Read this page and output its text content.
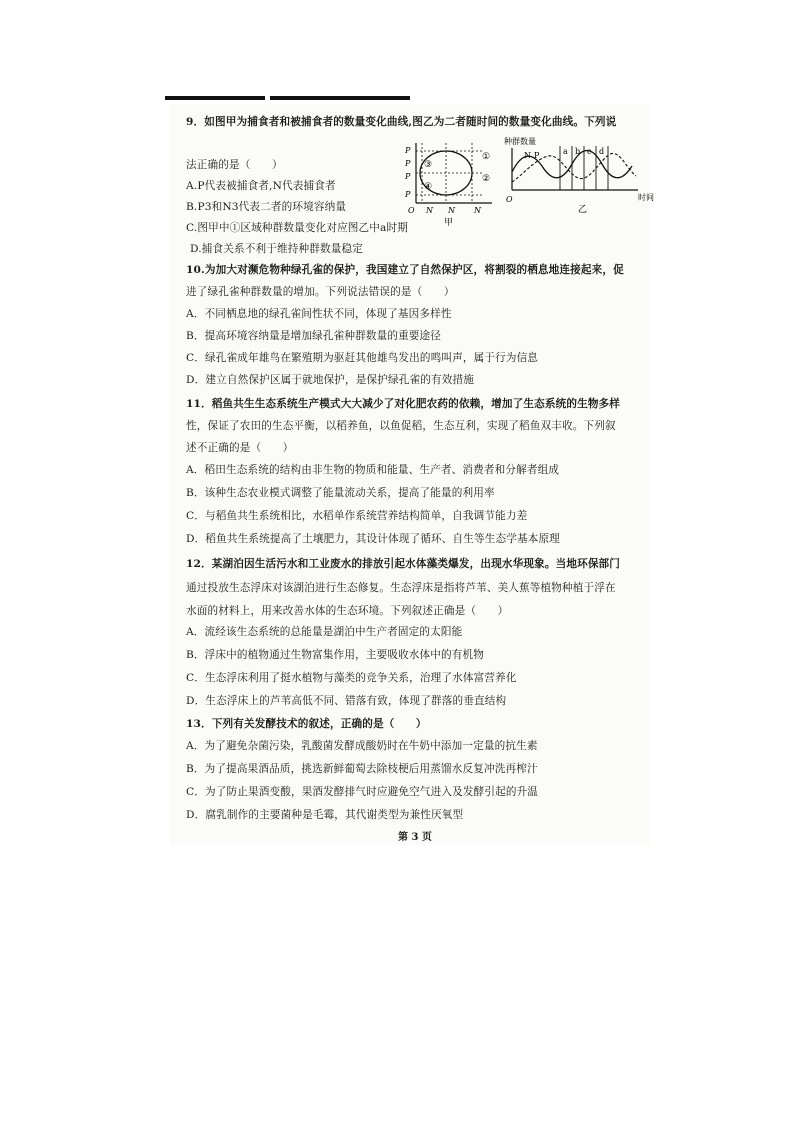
9．如图甲为捕食者和被捕食者的数量变化曲线,图乙为二者随时间的数量变化曲线。下列说
法正确的是（　　）
A.P代表被捕食者,N代表捕食者
B.P3和N3代表二者的环境容纳量
C.图甲中①区域种群数量变化对应图乙中a时期
D.捕食关系不利于维持种群数量稳定
P
P
P
P
O N N N
①
②
③
④
甲
种群数量
N P	a b c d
O	时间
乙
10.为加大对濒危物种绿孔雀的保护，我国建立了自然保护区，将割裂的栖息地连接起来，促
进了绿孔雀种群数量的增加。下列说法错误的是（　　）
A．不同栖息地的绿孔雀间性状不同，体现了基因多样性
B．提高环境容纳量是增加绿孔雀种群数量的重要途径
C．绿孔雀成年雄鸟在繁殖期为驱赶其他雄鸟发出的鸣叫声，属于行为信息
D．建立自然保护区属于就地保护，是保护绿孔雀的有效措施
11．稻鱼共生生态系统生产模式大大减少了对化肥农药的依赖，增加了生态系统的生物多样
性，保证了农田的生态平衡，以稻养鱼，以鱼促稻，生态互利，实现了稻鱼双丰收。下列叙
述不正确的是（　　）
A．稻田生态系统的结构由非生物的物质和能量、生产者、消费者和分解者组成
B．该种生态农业模式调整了能量流动关系，提高了能量的利用率
C．与稻鱼共生系统相比，水稻单作系统营养结构简单，自我调节能力差
D．稻鱼共生系统提高了土壤肥力，其设计体现了循环、自生等生态学基本原理
12．某湖泊因生活污水和工业废水的排放引起水体藻类爆发，出现水华现象。当地环保部门
通过投放生态浮床对该湖泊进行生态修复。生态浮床是指将芦苇、美人蕉等植物种植于浮在
水面的材料上，用来改善水体的生态环境。下列叙述正确是（　　）
A．流经该生态系统的总能量是湖泊中生产者固定的太阳能
B．浮床中的植物通过生物富集作用，主要吸收水体中的有机物
C．生态浮床利用了挺水植物与藻类的竞争关系，治理了水体富营养化
D．生态浮床上的芦苇高低不同、错落有致，体现了群落的垂直结构
13．下列有关发酵技术的叙述，正确的是（　　）
A．为了避免杂菌污染，乳酸菌发酵成酸奶时在牛奶中添加一定量的抗生素
B．为了提高果酒品质，挑选新鲜葡萄去除枝梗后用蒸馏水反复冲洗再榨汁
C．为了防止果酒变酸，果酒发酵排气时应避免空气进入及发酵引起的升温
D．腐乳制作的主要菌种是毛霉，其代谢类型为兼性厌氧型
第 3 页
